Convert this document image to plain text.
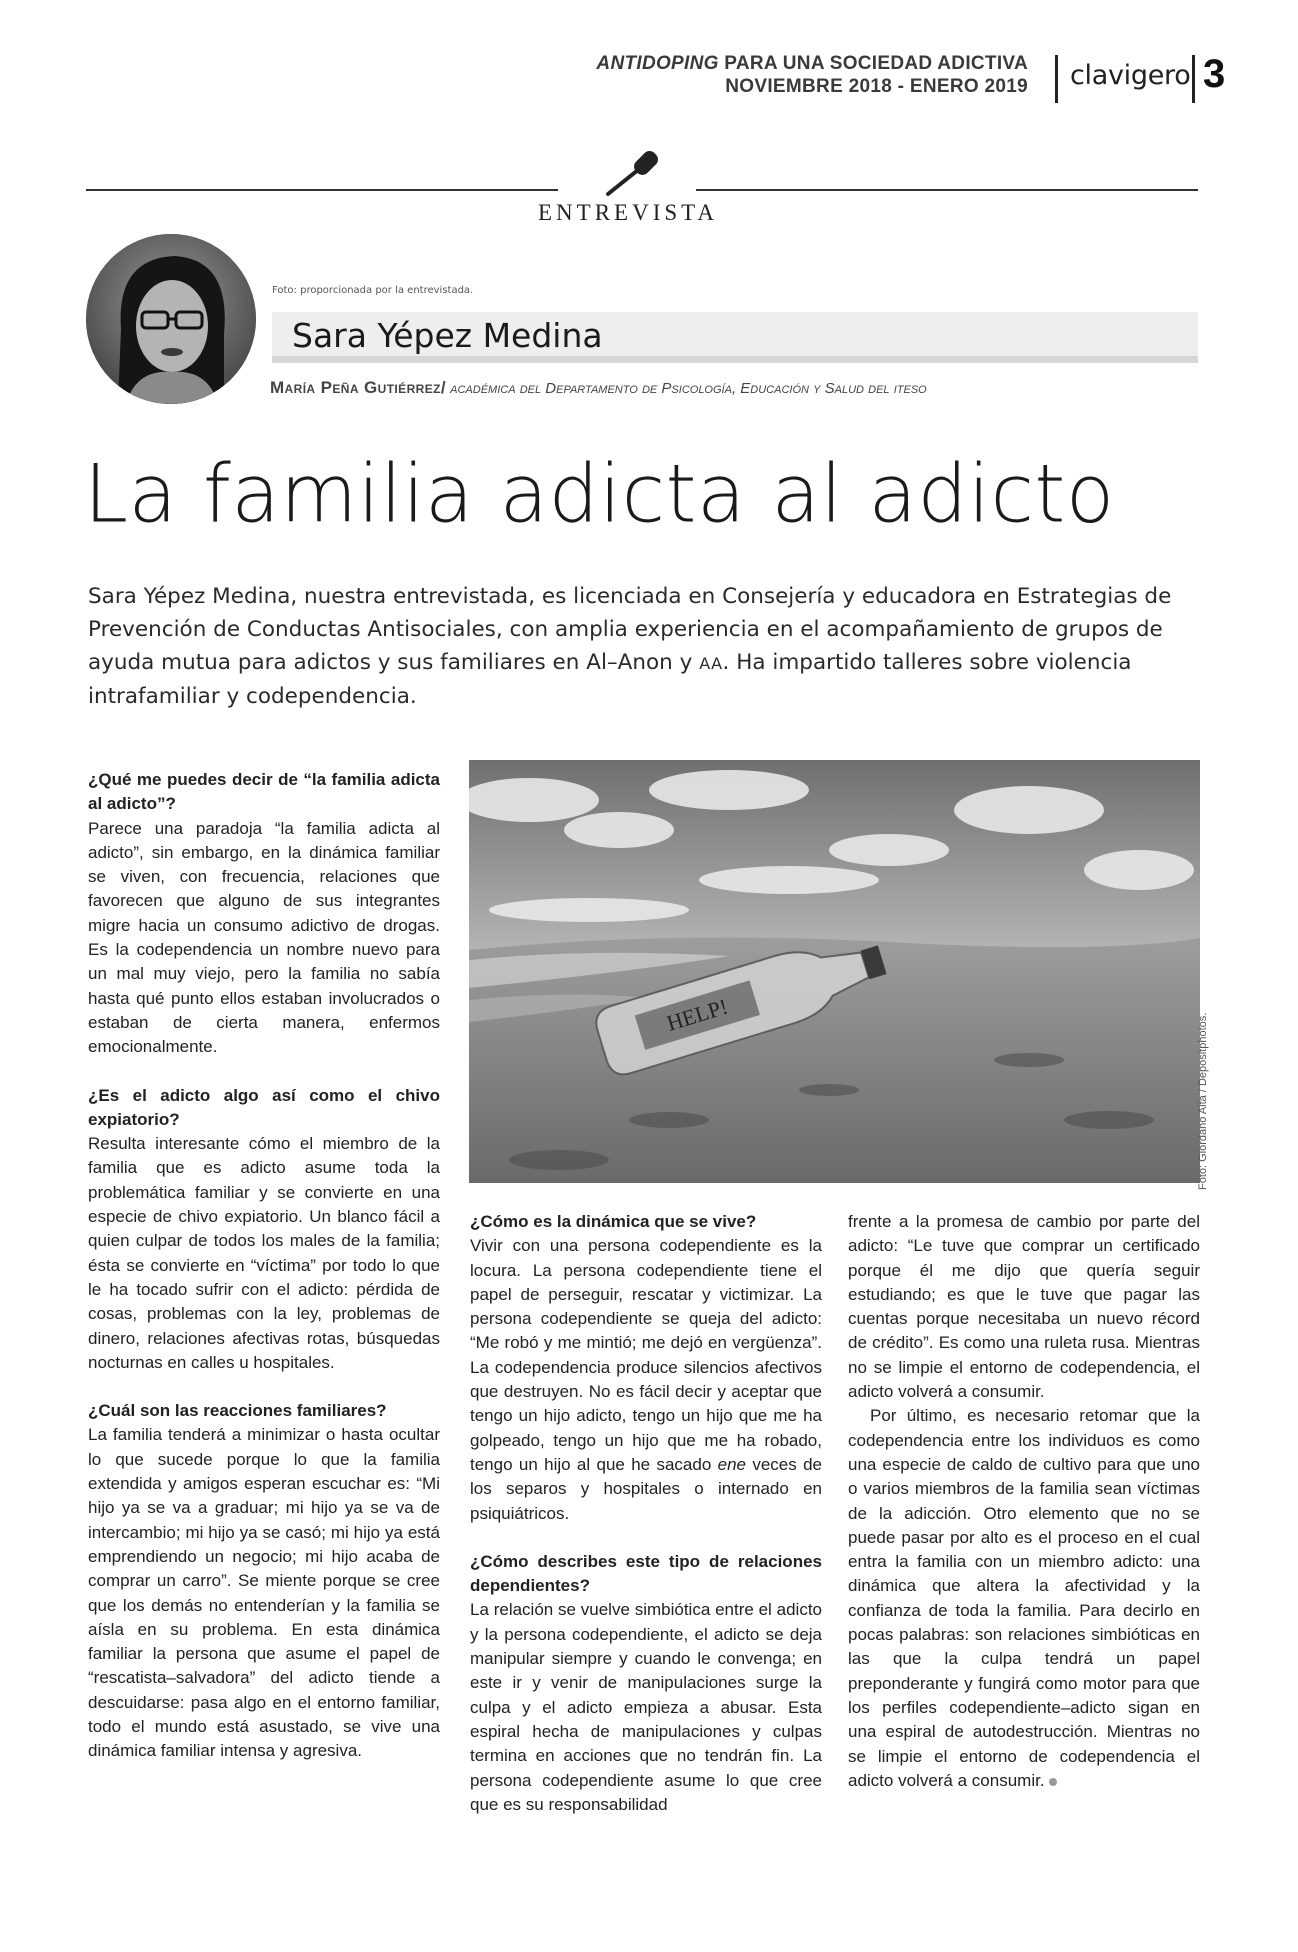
ANTIDOPING PARA UNA SOCIEDAD ADICTIVA
NOVIEMBRE 2018 - ENERO 2019 clavigero 3
ENTREVISTA
Foto: proporcionada por la entrevistada.
Sara Yépez Medina
María Peña Gutiérrez/ académica del Departamento de Psicología, Educación y Salud del iteso
La familia adicta al adicto
Sara Yépez Medina, nuestra entrevistada, es licenciada en Consejería y educadora en Estrategias de Prevención de Conductas Antisociales, con amplia experiencia en el acompañamiento de grupos de ayuda mutua para adictos y sus familiares en Al–Anon y AA. Ha impartido talleres sobre violencia intrafamiliar y codependencia.

¿Qué me puedes decir de “la familia adicta al adicto”?

Parece una paradoja “la familia adicta al adicto”, sin embargo, en la dinámica familiar se viven, con frecuencia, relaciones que favorecen que alguno de sus integrantes migre hacia un consumo adictivo de drogas. Es la codependencia un nombre nuevo para un mal muy viejo, pero la familia no sabía hasta qué punto ellos estaban involucrados o estaban de cierta manera, enfermos emocionalmente.

¿Es el adicto algo así como el chivo expiatorio?

Resulta interesante cómo el miembro de la familia que es adicto asume toda la problemática familiar y se convierte en una especie de chivo expiatorio. Un blanco fácil a quien culpar de todos los males de la familia; ésta se convierte en “víctima” por todo lo que le ha tocado sufrir con el adicto: pérdida de cosas, problemas con la ley, problemas de dinero, relaciones afectivas rotas, búsquedas nocturnas en calles u hospitales.

¿Cuál son las reacciones familiares?

La familia tenderá a minimizar o hasta ocultar lo que sucede porque lo que la familia extendida y amigos esperan escuchar es: “Mi hijo ya se va a graduar; mi hijo ya se va de intercambio; mi hijo ya se casó; mi hijo ya está emprendiendo un negocio; mi hijo acaba de comprar un carro”. Se miente porque se cree que los demás no entenderían y la familia se aísla en su problema. En esta dinámica familiar la persona que asume el papel de “rescatista–salvadora” del adicto tiende a descuidarse: pasa algo en el entorno familiar, todo el mundo está asustado, se vive una dinámica familiar intensa y agresiva.

HELP!	Foto: Giordano Aita / Depositphotos.

¿Cómo es la dinámica que se vive?

Vivir con una persona codependiente es la locura. La persona codependiente tiene el papel de perseguir, rescatar y victimizar. La persona codependiente se queja del adicto: “Me robó y me mintió; me dejó en vergüenza”. La codependencia produce silencios afectivos que destruyen. No es fácil decir y aceptar que tengo un hijo adicto, tengo un hijo que me ha golpeado, tengo un hijo que me ha robado, tengo un hijo al que he sacado ene veces de los separos y hospitales o internado en psiquiátricos.

¿Cómo describes este tipo de relaciones dependientes?

La relación se vuelve simbiótica entre el adicto y la persona codependiente, el adicto se deja manipular siempre y cuando le convenga; en este ir y venir de manipulaciones surge la culpa y el adicto empieza a abusar. Esta espiral hecha de manipulaciones y culpas termina en acciones que no tendrán fin. La persona codependiente asume lo que cree que es su responsabilidad

frente a la promesa de cambio por parte del adicto: “Le tuve que comprar un certificado porque él me dijo que quería seguir estudiando; es que le tuve que pagar las cuentas porque necesitaba un nuevo récord de crédito”. Es como una ruleta rusa. Mientras no se limpie el entorno de codependencia, el adicto volverá a consumir.

Por último, es necesario retomar que la codependencia entre los individuos es como una especie de caldo de cultivo para que uno o varios miembros de la familia sean víctimas de la adicción. Otro elemento que no se puede pasar por alto es el proceso en el cual entra la familia con un miembro adicto: una dinámica que altera la afectividad y la confianza de toda la familia. Para decirlo en pocas palabras: son relaciones simbióticas en las que la culpa tendrá un papel preponderante y fungirá como motor para que los perfiles codependiente–adicto sigan en una espiral de autodestrucción. Mientras no se limpie el entorno de codependencia el adicto volverá a consumir.
